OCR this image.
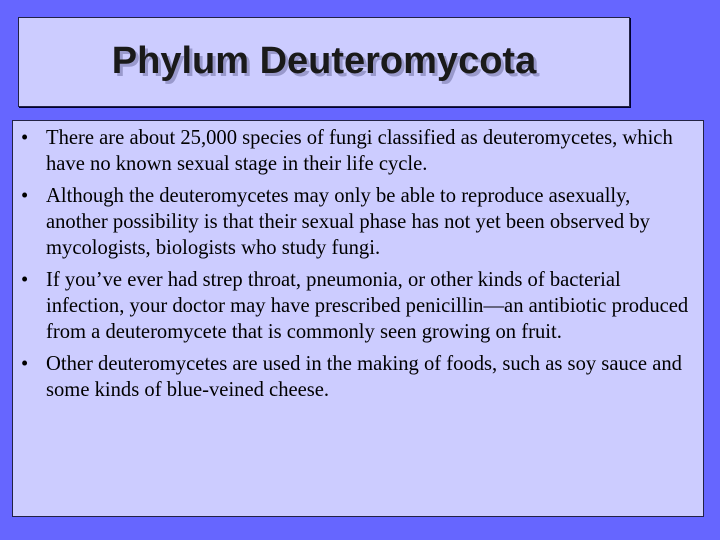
Phylum Deuteromycota
• There are about 25,000 species of fungi classified as deuteromycetes, which have no known sexual stage in their life cycle.
• Although the deuteromycetes may only be able to reproduce asexually, another possibility is that their sexual phase has not yet been observed by mycologists, biologists who study fungi.
• If you’ve ever had strep throat, pneumonia, or other kinds of bacterial infection, your doctor may have prescribed penicillin—an antibiotic produced from a deuteromycete that is commonly seen growing on fruit.
• Other deuteromycetes are used in the making of foods, such as soy sauce and some kinds of blue-veined cheese.
